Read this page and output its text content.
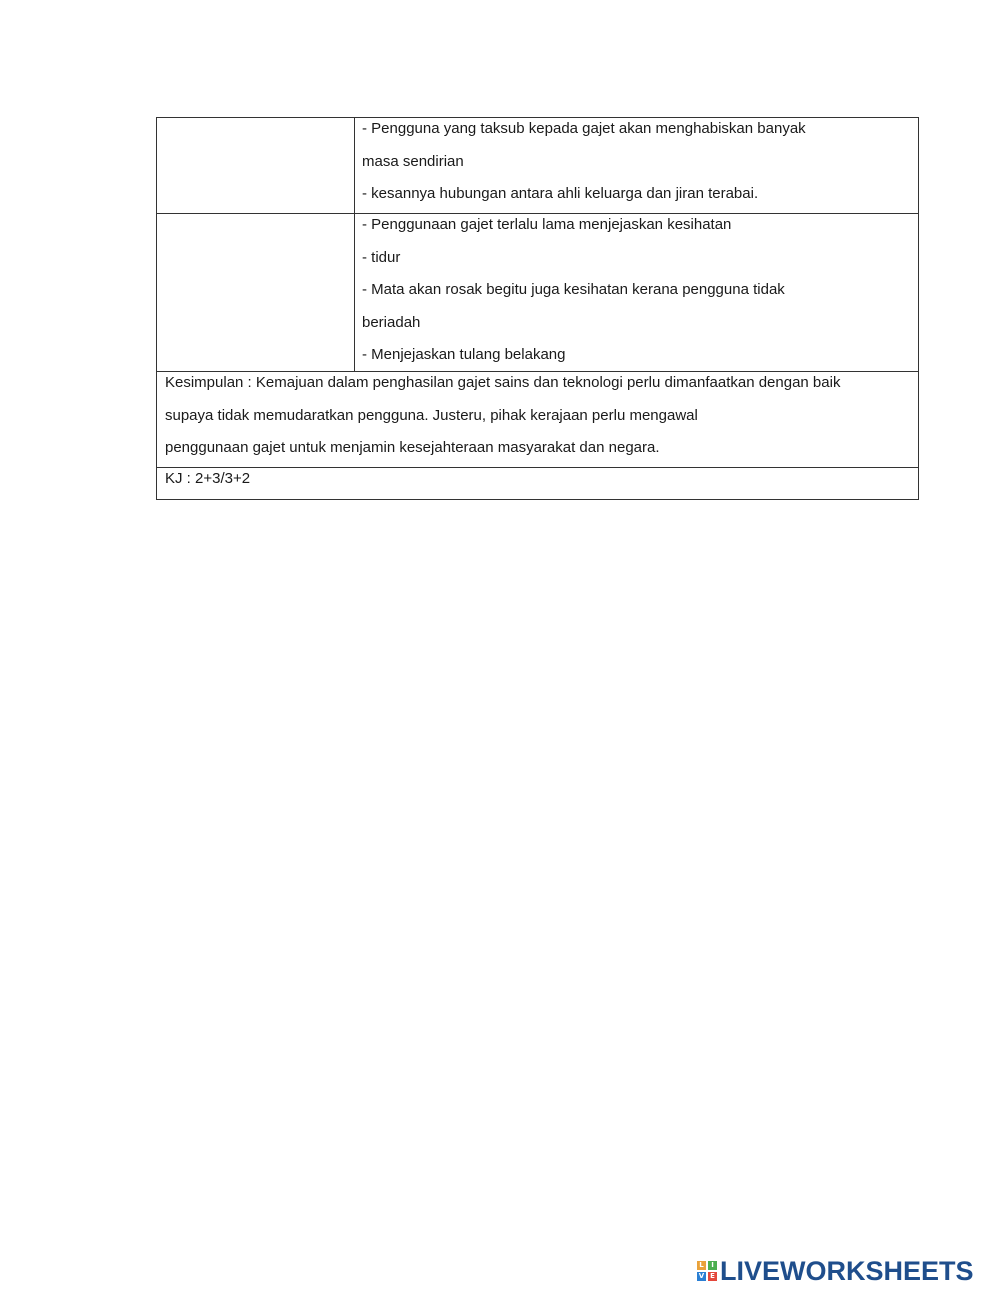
	- Pengguna yang taksub kepada gajet akan menghabiskan banyak
masa sendirian
- kesannya hubungan antara ahli keluarga dan jiran terabai.

	- Penggunaan gajet terlalu lama menjejaskan kesihatan
- tidur
- Mata akan rosak begitu juga kesihatan kerana pengguna tidak
beriadah
- Menjejaskan tulang belakang

Kesimpulan : Kemajuan dalam penghasilan gajet sains dan teknologi perlu dimanfaatkan dengan baik
supaya tidak memudaratkan pengguna. Justeru, pihak kerajaan perlu mengawal
penggunaan gajet untuk menjamin kesejahteraan masyarakat dan negara.	

KJ : 2+3/3+2	
L	I
V E LIVEWORKSHEETS
